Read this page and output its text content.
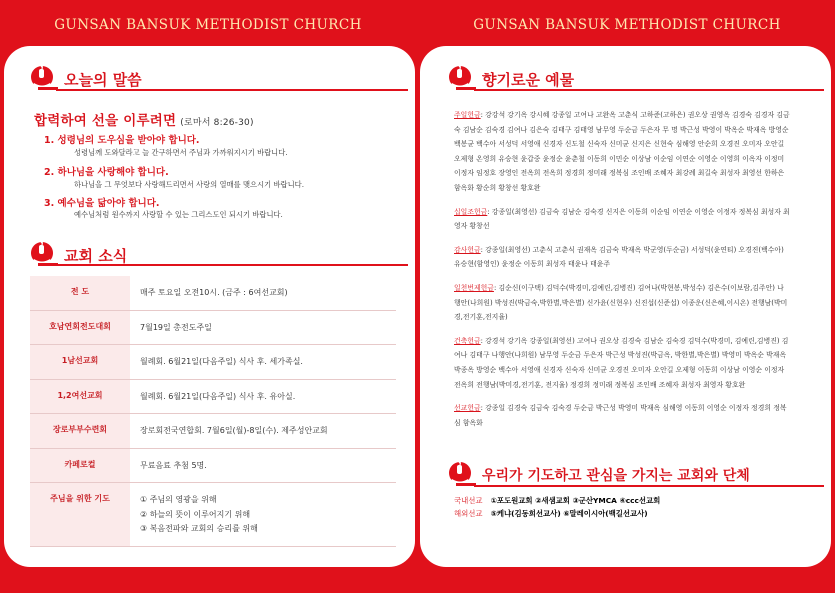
GUNSAN BANSUK METHODIST CHURCH	GUNSAN BANSUK METHODIST CHURCH
오늘의 말씀
합력하여 선을 이루려면 (로마서 8:26-30)
1. 성령님의 도우심을 받아야 합니다.
성령님께 도와달라고 늘 간구하면서 주님과 가까워지시기 바랍니다.
2. 하나님을 사랑해야 합니다.
하나님을 그 무엇보다 사랑해드리면서 사랑의 열매를 맺으시기 바랍니다.
3. 예수님을 닮아야 합니다.
예수님처럼 원수까지 사랑할 수 있는 그리스도인 되시기 바랍니다.
교회 소식
전 도	매주 토요일 오전10시. (금주 : 6여선교회)

호남연회전도대회	7월19일 총전도주일

1남선교회	월례회. 6월21일(다음주일) 식사 후. 세가족실.

1,2여선교회	월례회. 6월21일(다음주일) 식사 후. 유아실.

장로부부수련회	장로회전국연합회. 7월6일(월)-8일(수). 제주성안교회

카페로컬	무료음료 추첨 5명.

주님을 위한 기도	① 주님의 영광을 위해
② 하늘의 뜻이 이루어지기 위해
③ 복음전파와 교회의 승리를 위해
향기로운 예물
주일헌금: 강강석 강기옥 강시혜 강종일 고여나 고완옥 고춘식 고하준(고하은) 권오상 권영옥 김경숙 김경자 김금숙 김남순 김숙경 김여나 김은숙 김태구 김태영 남무영 두순금 두은자 무 명 박근성 박영이 박옥순 박재옥 방영순 백봉균 백수아 서성덕 서영애 신경자 신도철 신숙자 신미균 신지은 신현숙 심해영 안순희 오경진 오미자 오안길 오제형 온영희 유승현 윤갑중 윤정순 윤춘철 이동희 이민순 이상남 이순임 이연순 이영순 이영희 이옥자 이정미 이정자 임정호 장영인 전옥희 전옥희 정경희 정미래 정복심 조인배 조혜자 최강례 최길숙 최성자 최영선 한하은 함옥화 황순희 황창선 황호완
십일조헌금: 강종일(최영선) 김금숙 김남순 김숙경 신지은 이동희 이순임 이연순 이영순 이정자 정복심 최성자 최영자 황창선
감사헌금: 강종일(최영선) 고춘식 고춘식 권재옥 김금숙 박재옥 박군영(두순금) 서성덕(윤연티) 오경진(백수아) 유승현(함영인) 윤정순 이동희 최성자 태윤나 태윤주
일천번제헌금: 김순신(이구택) 김덕수(박경미,김예린,김병진) 김여나(박현봉,박성수) 김은수(이보람,김주안) 나행안(나희원) 박성진(박금숙,박한별,박은별) 신가윤(신현우) 신진섭(신준섭) 이종운(신은혜,이시온) 전행남(박미경,전기훈,전지율)
건축헌금: 강경석 강기옥 강종일(최영선) 고여나 권오상 김경숙 김남순 김숙경 김덕수(박경미, 김예린,김병진) 김여나 김태구 나행안(나희원) 남무영 두순금 두은자 박근성 박성진(박금옥, 박한별,박은별) 박영미 박옥순 박재옥 박종옥 방영순 백수아 서영애 신경자 신숙자 신미균 오경진 오미자 오안길 오제형 이동희 이상남 이영순 이정자 전옥희 전행남(박미경,전기훈, 전지율) 정경희 정미래 정복심 조인배 조혜자 최성자 최영자 황호완
선교헌금: 강종일 김경숙 김금숙 김숙경 두순금 박근성 박영미 박재옥 심해영 이동희 이영순 이정자 정경희 정복심 함옥화
우리가 기도하고 관심을 가지는 교회와 단체
국내선교 ①포도원교회 ②새샘교회 ③군산YMCA ④ccc선교회
해외선교 ⑤케냐(김동희선교사) ⑥말레이시아(백길선교사)
